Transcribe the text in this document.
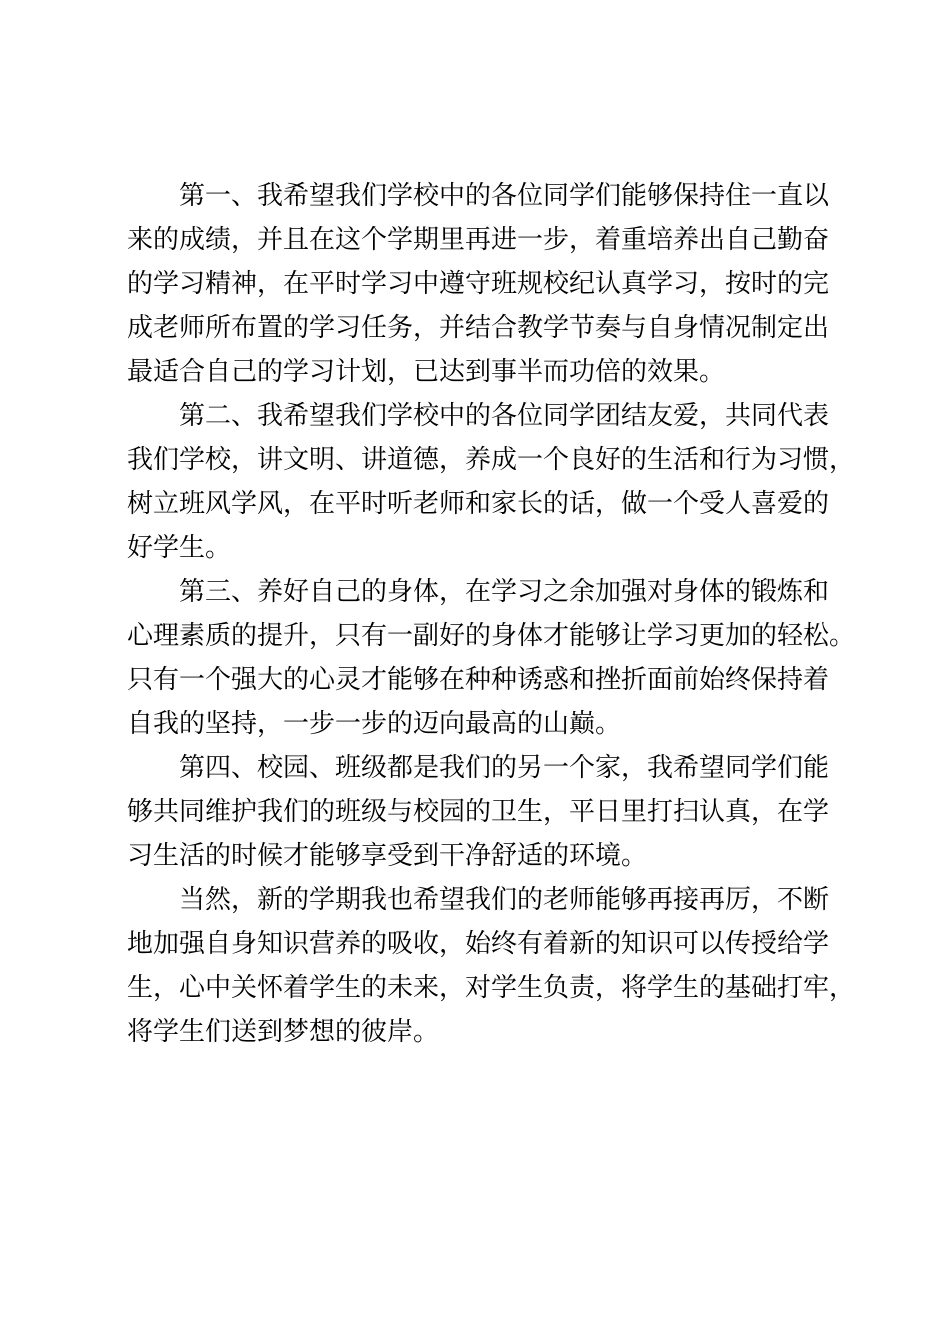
第一、我希望我们学校中的各位同学们能够保持住一直以
来的成绩，并且在这个学期里再进一步，着重培养出自己勤奋
的学习精神，在平时学习中遵守班规校纪认真学习，按时的完
成老师所布置的学习任务，并结合教学节奏与自身情况制定出
最适合自己的学习计划，已达到事半而功倍的效果。
第二、我希望我们学校中的各位同学团结友爱，共同代表
我们学校，讲文明、讲道德，养成一个良好的生活和行为习惯，
树立班风学风，在平时听老师和家长的话，做一个受人喜爱的
好学生。
第三、养好自己的身体，在学习之余加强对身体的锻炼和
心理素质的提升，只有一副好的身体才能够让学习更加的轻松。
只有一个强大的心灵才能够在种种诱惑和挫折面前始终保持着
自我的坚持，一步一步的迈向最高的山巅。
第四、校园、班级都是我们的另一个家，我希望同学们能
够共同维护我们的班级与校园的卫生，平日里打扫认真，在学
习生活的时候才能够享受到干净舒适的环境。
当然，新的学期我也希望我们的老师能够再接再厉，不断
地加强自身知识营养的吸收，始终有着新的知识可以传授给学
生，心中关怀着学生的未来，对学生负责，将学生的基础打牢，
将学生们送到梦想的彼岸。
